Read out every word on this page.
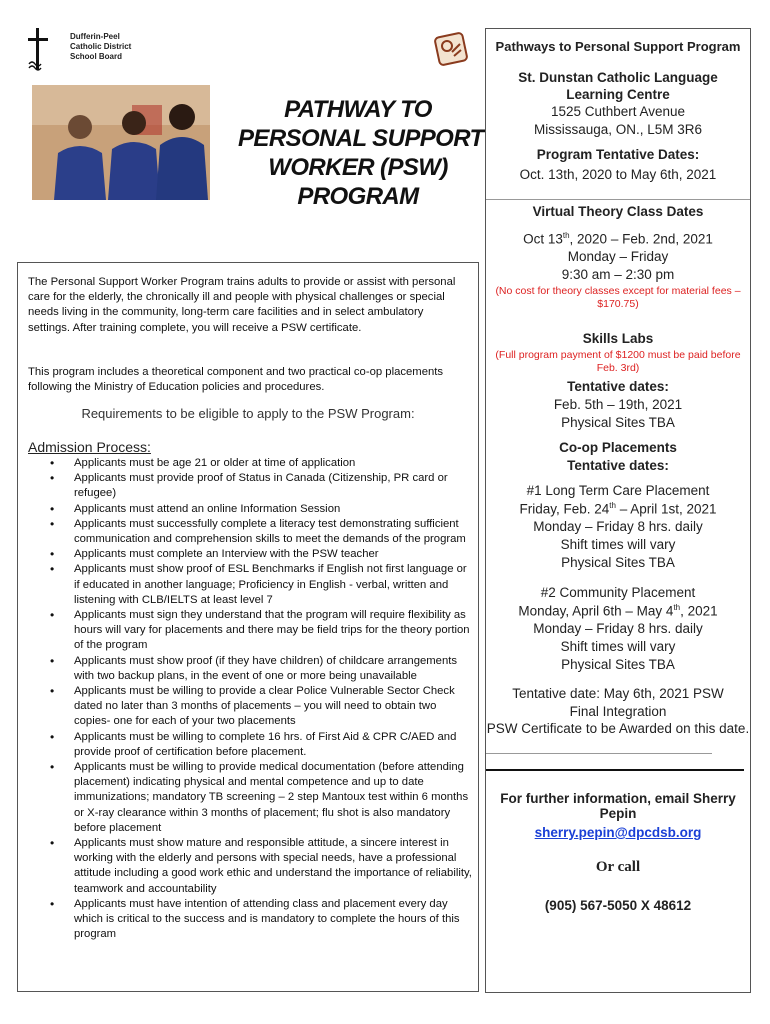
Dufferin-Peel
Catholic District
School Board
PATHWAY TO
PERSONAL SUPPORT
WORKER (PSW)
PROGRAM
The Personal Support Worker Program trains adults to provide or assist with personal care for the elderly, the chronically ill and people with physical challenges or special needs living in the community, long-term care facilities and in select ambulatory settings. After training complete, you will receive a PSW certificate.
This program includes a theoretical component and two practical co-op placements following the Ministry of Education policies and procedures.
Requirements to be eligible to apply to the PSW Program:
Admission Process:
• Applicants must be age 21 or older at time of application
• Applicants must provide proof of Status in Canada (Citizenship, PR card or refugee)
• Applicants must attend an online Information Session
• Applicants must successfully complete a literacy test demonstrating sufficient communication and comprehension skills to meet the demands of the program
• Applicants must complete an Interview with the PSW teacher
• Applicants must show proof of ESL Benchmarks if English not first language or if educated in another language; Proficiency in English - verbal, written and listening with CLB/IELTS at least level 7
• Applicants must sign they understand that the program will require flexibility as hours will vary for placements and there may be field trips for the theory portion of the program
• Applicants must show proof (if they have children) of childcare arrangements with two backup plans, in the event of one or more being unavailable
• Applicants must be willing to provide a clear Police Vulnerable Sector Check dated no later than 3 months of placements – you will need to obtain two copies- one for each of your two placements
• Applicants must be willing to complete 16 hrs. of First Aid & CPR C/AED and provide proof of certification before placement.
• Applicants must be willing to provide medical documentation (before attending placement) indicating physical and mental competence and up to date immunizations; mandatory TB screening – 2 step Mantoux test within 6 months or X-ray clearance within 3 months of placement; flu shot is also mandatory before placement
• Applicants must show mature and responsible attitude, a sincere interest in working with the elderly and persons with special needs, have a professional attitude including a good work ethic and understand the importance of reliability, teamwork and accountability
• Applicants must have intention of attending class and placement every day which is critical to the success and is mandatory to complete the hours of this program
Pathways to Personal Support Program
St. Dunstan Catholic Language Learning Centre
1525 Cuthbert Avenue
Mississauga, ON., L5M 3R6
Program Tentative Dates:
Oct. 13th, 2020 to May 6th, 2021
Virtual Theory Class Dates
Oct 13th, 2020 – Feb. 2nd, 2021
Monday – Friday
9:30 am – 2:30 pm
(No cost for theory classes except for material fees – $170.75)
Skills Labs
(Full program payment of $1200 must be paid before Feb. 3rd)
Tentative dates:
Feb. 5th – 19th, 2021
Physical Sites TBA
Co-op Placements
Tentative dates:
#1 Long Term Care Placement
Friday, Feb. 24th – April 1st, 2021
Monday – Friday 8 hrs. daily
Shift times will vary
Physical Sites TBA
#2 Community Placement
Monday, April 6th – May 4th, 2021
Monday – Friday 8 hrs. daily
Shift times will vary
Physical Sites TBA
Tentative date: May 6th, 2021 PSW Final Integration
PSW Certificate to be Awarded on this date.
For further information, email Sherry Pepin
sherry.pepin@dpcdsb.org
Or call
(905) 567-5050 X 48612
